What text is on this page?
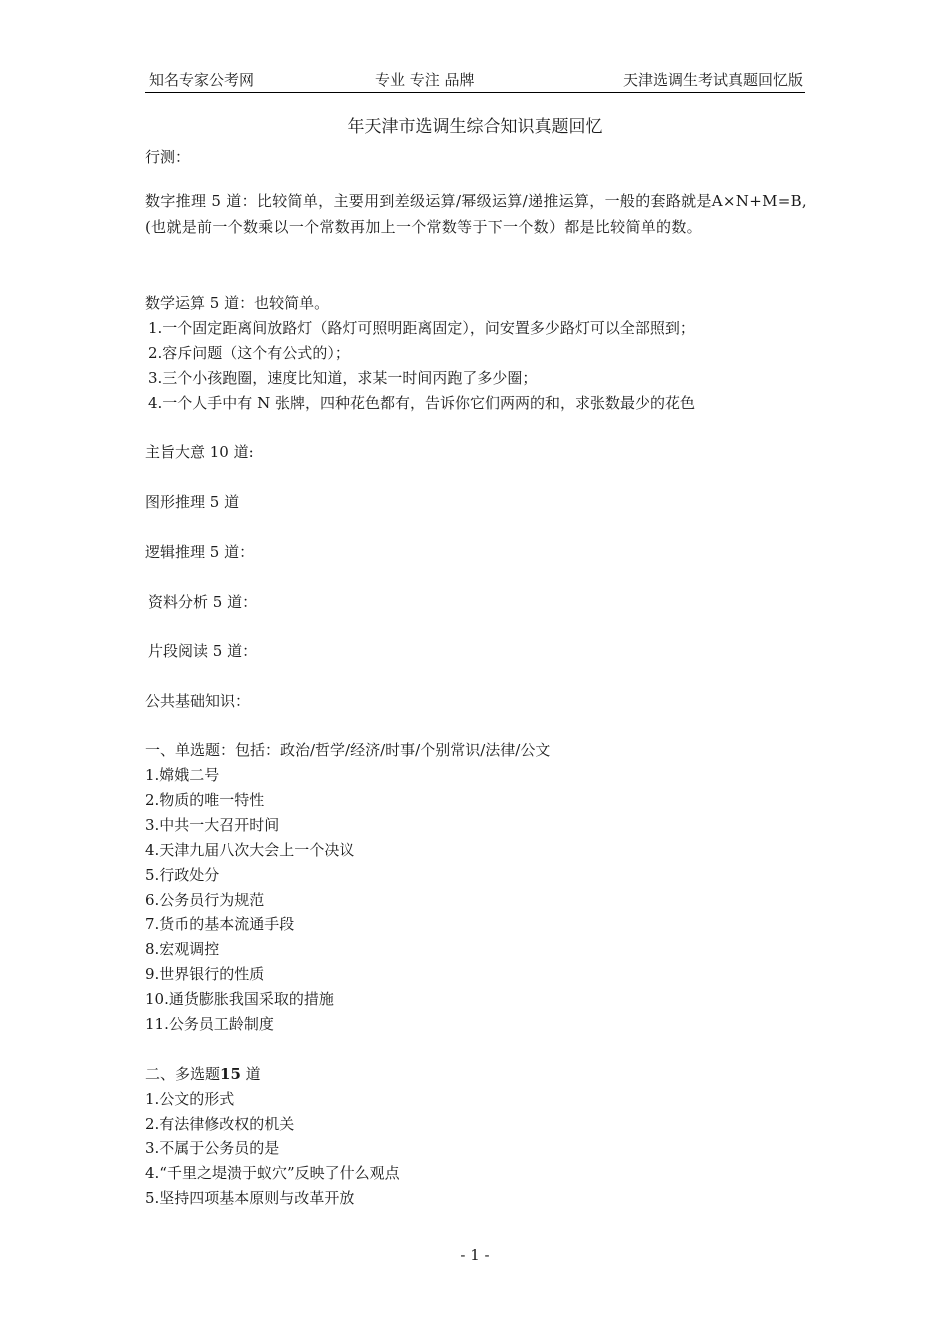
知名专家公考网	专业 专注 品牌	天津选调生考试真题回忆版
年天津市选调生综合知识真题回忆
行测：
数字推理 5 道：比较简单，主要用到差级运算/幂级运算/递推运算，一般的套路就是A×N+M=B,(也就是前一个数乘以一个常数再加上一个常数等于下一个数）都是比较简单的数。
数学运算 5 道：也较简单。
1.一个固定距离间放路灯（路灯可照明距离固定），问安置多少路灯可以全部照到；
2.容斥问题（这个有公式的）；
3.三个小孩跑圈，速度比知道，求某一时间丙跑了多少圈；
4.一个人手中有 N 张牌，四种花色都有，告诉你它们两两的和，求张数最少的花色
主旨大意 10 道:
图形推理 5 道
逻辑推理 5 道：
资料分析 5 道：
片段阅读 5 道：
公共基础知识：
一、单选题：包括：政治/哲学/经济/时事/个别常识/法律/公文
1.嫦娥二号
2.物质的唯一特性
3.中共一大召开时间
4.天津九届八次大会上一个决议
5.行政处分
6.公务员行为规范
7.货币的基本流通手段
8.宏观调控
9.世界银行的性质
10.通货膨胀我国采取的措施
11.公务员工龄制度
二、多选题15 道
1.公文的形式
2.有法律修改权的机关
3.不属于公务员的是
4.“千里之堤溃于蚁穴”反映了什么观点
5.坚持四项基本原则与改革开放
- 1 -
